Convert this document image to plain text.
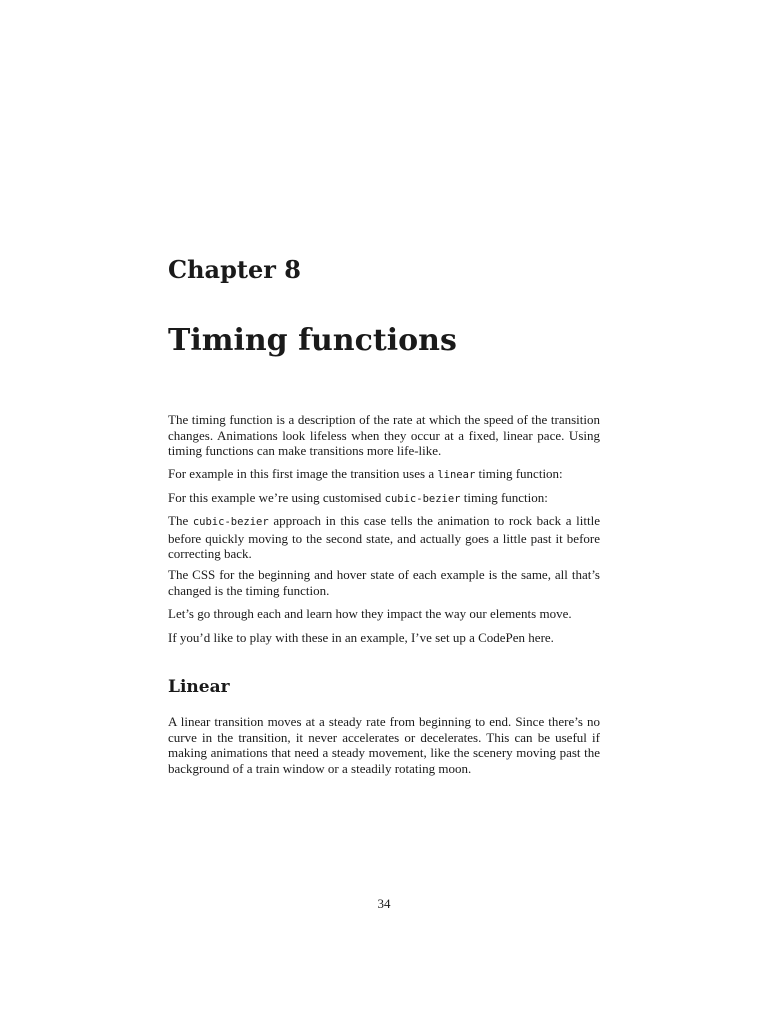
Chapter 8
Timing functions

The timing function is a description of the rate at which the speed of the transition changes. Animations look lifeless when they occur at a fixed, linear pace. Using timing functions can make transitions more life-like.

For example in this first image the transition uses a linear timing function:

For this example we’re using customised cubic-bezier timing function:

The cubic-bezier approach in this case tells the animation to rock back a little before quickly moving to the second state, and actually goes a little past it before correcting back.

The CSS for the beginning and hover state of each example is the same, all that’s changed is the timing function.

Let’s go through each and learn how they impact the way our elements move.

If you’d like to play with these in an example, I’ve set up a CodePen here.

Linear

A linear transition moves at a steady rate from beginning to end. Since there’s no curve in the transition, it never accelerates or decelerates. This can be useful if making animations that need a steady movement, like the scenery moving past the background of a train window or a steadily rotating moon.

34
